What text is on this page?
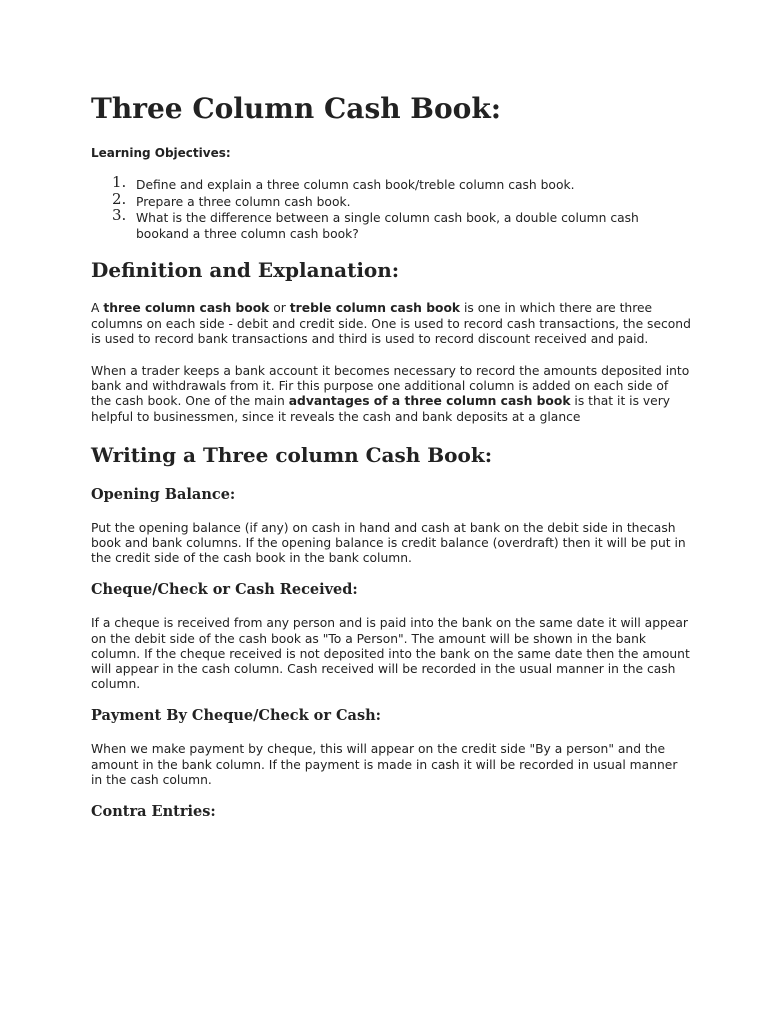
Three Column Cash Book:
Learning Objectives:
1. Define and explain a three column cash book/treble column cash book.
2. Prepare a three column cash book.
3. What is the difference between a single column cash book, a double column cash bookand a three column cash book?
Definition and Explanation:

A three column cash book or treble column cash book is one in which there are three columns on each side - debit and credit side. One is used to record cash transactions, the second is used to record bank transactions and third is used to record discount received and paid.

When a trader keeps a bank account it becomes necessary to record the amounts deposited into bank and withdrawals from it. Fir this purpose one additional column is added on each side of the cash book. One of the main advantages of a three column cash book is that it is very helpful to businessmen, since it reveals the cash and bank deposits at a glance

Writing a Three column Cash Book:
Opening Balance:

Put the opening balance (if any) on cash in hand and cash at bank on the debit side in thecash book and bank columns. If the opening balance is credit balance (overdraft) then it will be put in the credit side of the cash book in the bank column.

Cheque/Check or Cash Received:

If a cheque is received from any person and is paid into the bank on the same date it will appear on the debit side of the cash book as "To a Person". The amount will be shown in the bank column. If the cheque received is not deposited into the bank on the same date then the amount will appear in the cash column. Cash received will be recorded in the usual manner in the cash column.

Payment By Cheque/Check or Cash:

When we make payment by cheque, this will appear on the credit side "By a person" and the amount in the bank column. If the payment is made in cash it will be recorded in usual manner in the cash column.

Contra Entries:
